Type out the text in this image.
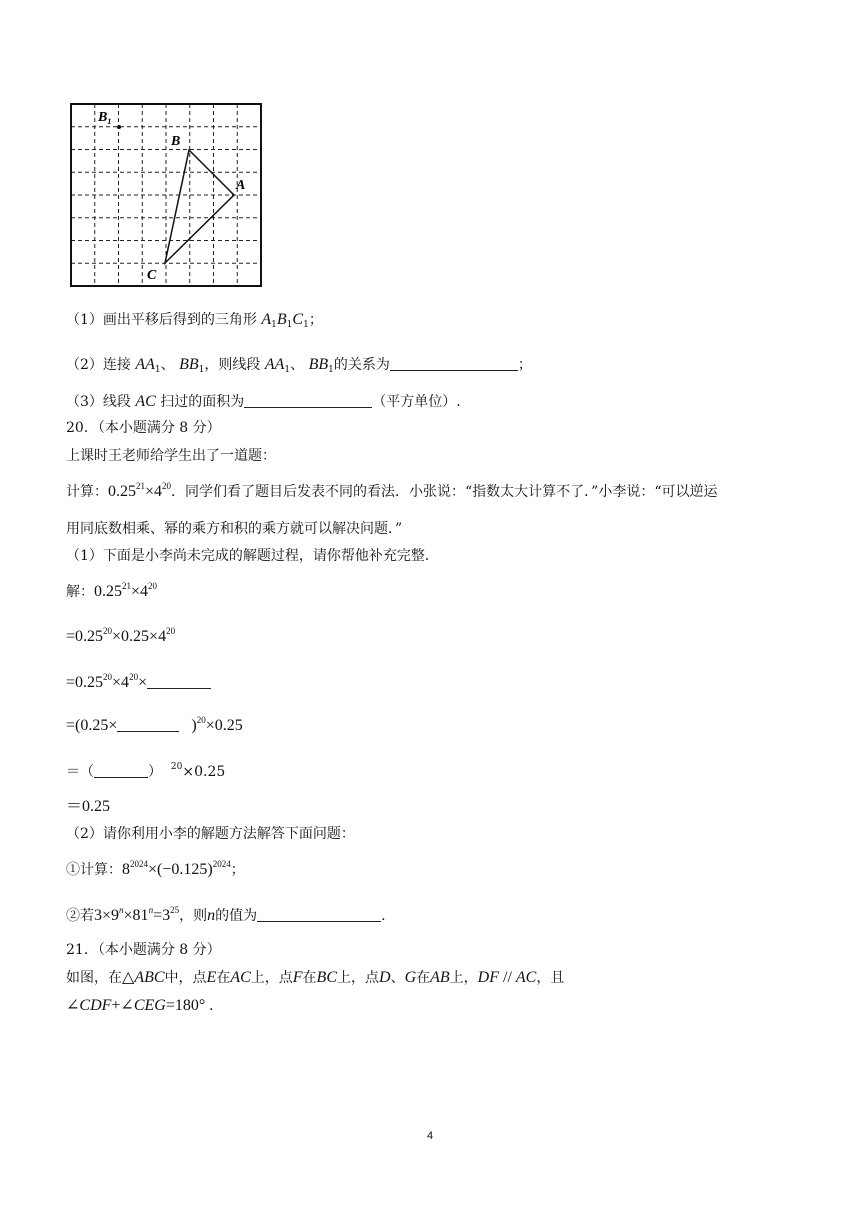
$B_1$
B
A
C
（1）画出平移后得到的三角形 $A_1B_1C_1$；
（2）连接 $AA_1$、 $BB_1$，则线段 $AA_1$、 $BB_1$的关系为	；
（3）线段 AC 扫过的面积为	（平方单位）.
20．（本小题满分 8 分）
上课时王老师给学生出了一道题：
计算：$0.25^{21}\times 4^{20}$．同学们看了题目后发表不同的看法．小张说：“指数太大计算不了．”小李说：“可以逆运
用同底数相乘、幂的乘方和积的乘方就可以解决问题．”
（1）下面是小李尚未完成的解题过程，请你帮他补充完整．
解：$0.25^{21}\times 4^{20}$
$=0.25^{20}\times 0.25\times 4^{20}$
$=0.25^{20}\times 4^{20}\times$
=(0.25×	)$^{20}$×0.25
＝（	） $^{20}$×0.25
＝0.25
（2）请你利用小李的解题方法解答下面问题：
①计算：$8^{2024}\times(-0.125)^{2024}$；
②若$3\times 9^n\times 81^n=3^{25}$，则n的值为	.
21．（本小题满分 8 分）
如图，在△ABC中，点E在AC上，点F在BC上，点D、G在AB上，DF // AC，且
∠CDF+∠CEG=180° .
4
